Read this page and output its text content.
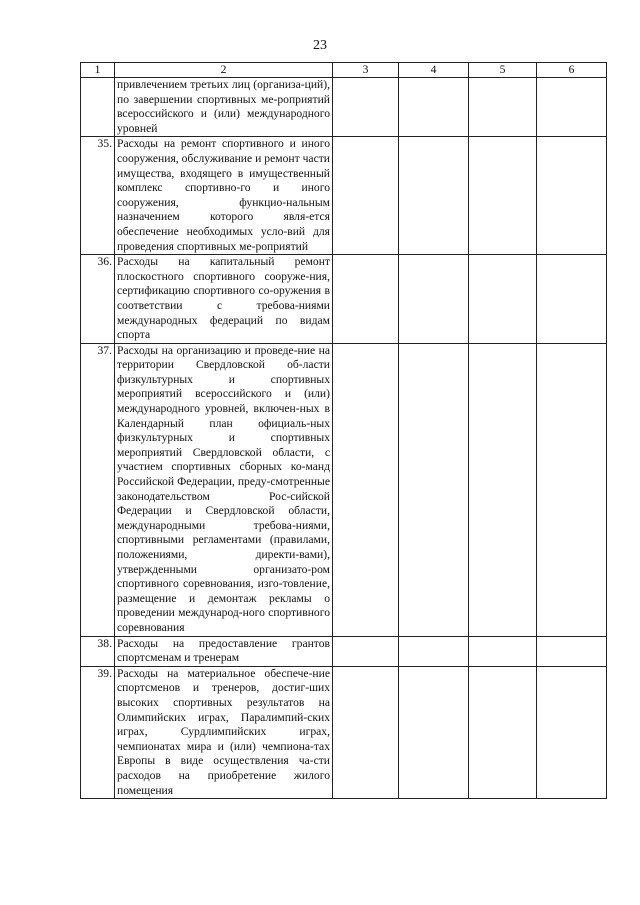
23
1	2	3	4	5	6
	привлечением третьих лиц (организа-ций), по завершении спортивных ме-роприятий всероссийского и (или) международного уровней				
35.	Расходы на ремонт спортивного и иного сооружения, обслуживание и ремонт части имущества, входящего в имущественный комплекс спортивно-го и иного сооружения, функцио-нальным назначением которого явля-ется обеспечение необходимых усло-вий для проведения спортивных ме-роприятий				
36.	Расходы на капитальный ремонт плоскостного спортивного сооруже-ния, сертификацию спортивного со-оружения в соответствии с требова-ниями международных федераций по видам спорта				
37.	Расходы на организацию и проведе-ние на территории Свердловской об-ласти физкультурных и спортивных мероприятий всероссийского и (или) международного уровней, включен-ных в Календарный план официаль-ных физкультурных и спортивных мероприятий Свердловской области, с участием спортивных сборных ко-манд Российской Федерации, преду-смотренные законодательством Рос-сийской Федерации и Свердловской области, международными требова-ниями, спортивными регламентами (правилами, положениями, директи-вами), утвержденными организато-ром спортивного соревнования, изго-товление, размещение и демонтаж рекламы о проведении международ-ного спортивного соревнования				
38.	Расходы на предоставление грантов спортсменам и тренерам				
39.	Расходы на материальное обеспече-ние спортсменов и тренеров, достиг-ших высоких спортивных результатов на Олимпийских играх, Паралимпий-ских играх, Сурдлимпийских играх, чемпионатах мира и (или) чемпиона-тах Европы в виде осуществления ча-сти расходов на приобретение жилого помещения				
